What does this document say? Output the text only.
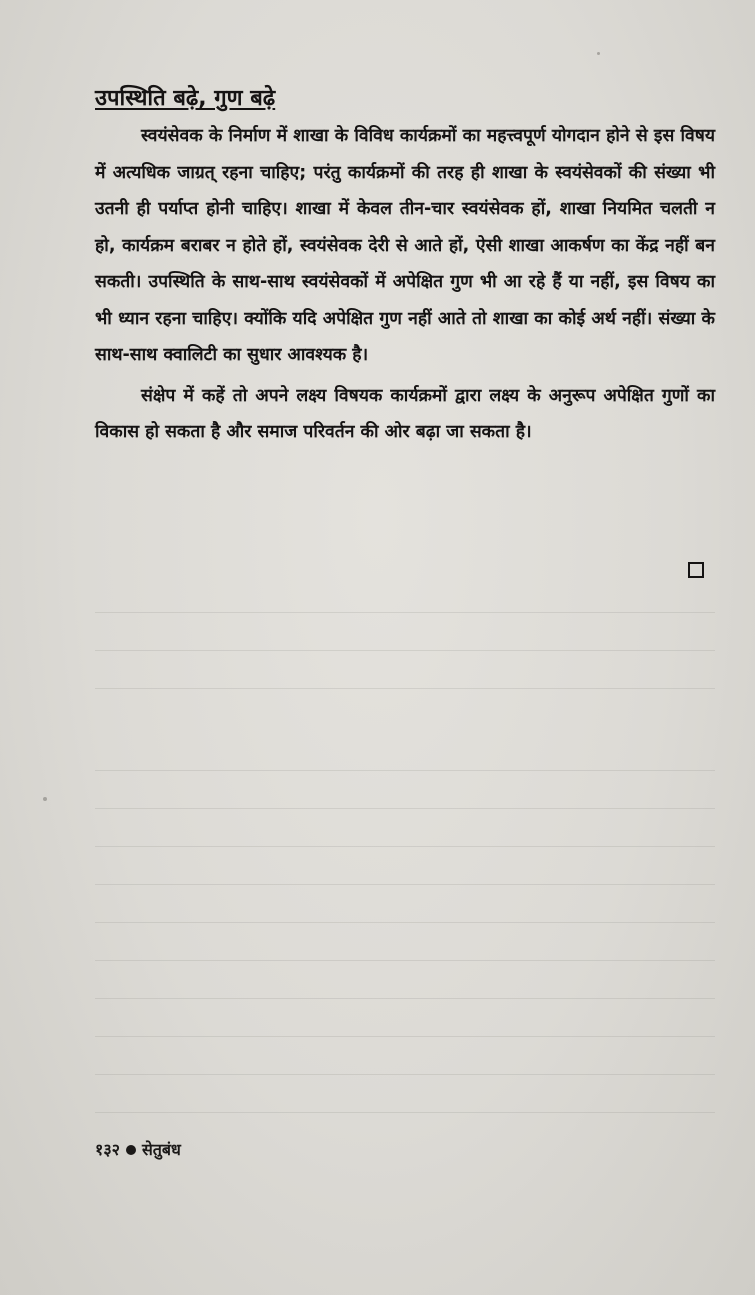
उपस्थिति बढ़े, गुण बढ़े

स्वयंसेवक के निर्माण में शाखा के विविध कार्यक्रमों का महत्त्वपूर्ण योगदान होने से इस विषय में अत्यधिक जाग्रत् रहना चाहिए; परंतु कार्यक्रमों की तरह ही शाखा के स्वयंसेवकों की संख्या भी उतनी ही पर्याप्त होनी चाहिए। शाखा में केवल तीन-चार स्वयंसेवक हों, शाखा नियमित चलती न हो, कार्यक्रम बराबर न होते हों, स्वयंसेवक देरी से आते हों, ऐसी शाखा आकर्षण का केंद्र नहीं बन सकती। उपस्थिति के साथ-साथ स्वयंसेवकों में अपेक्षित गुण भी आ रहे हैं या नहीं, इस विषय का भी ध्यान रहना चाहिए। क्योंकि यदि अपेक्षित गुण नहीं आते तो शाखा का कोई अर्थ नहीं। संख्या के साथ-साथ क्वालिटी का सुधार आवश्यक है।

संक्षेप में कहें तो अपने लक्ष्य विषयक कार्यक्रमों द्वारा लक्ष्य के अनुरूप अपेक्षित गुणों का विकास हो सकता है और समाज परिवर्तन की ओर बढ़ा जा सकता है।

१३२ सेतुबंध
